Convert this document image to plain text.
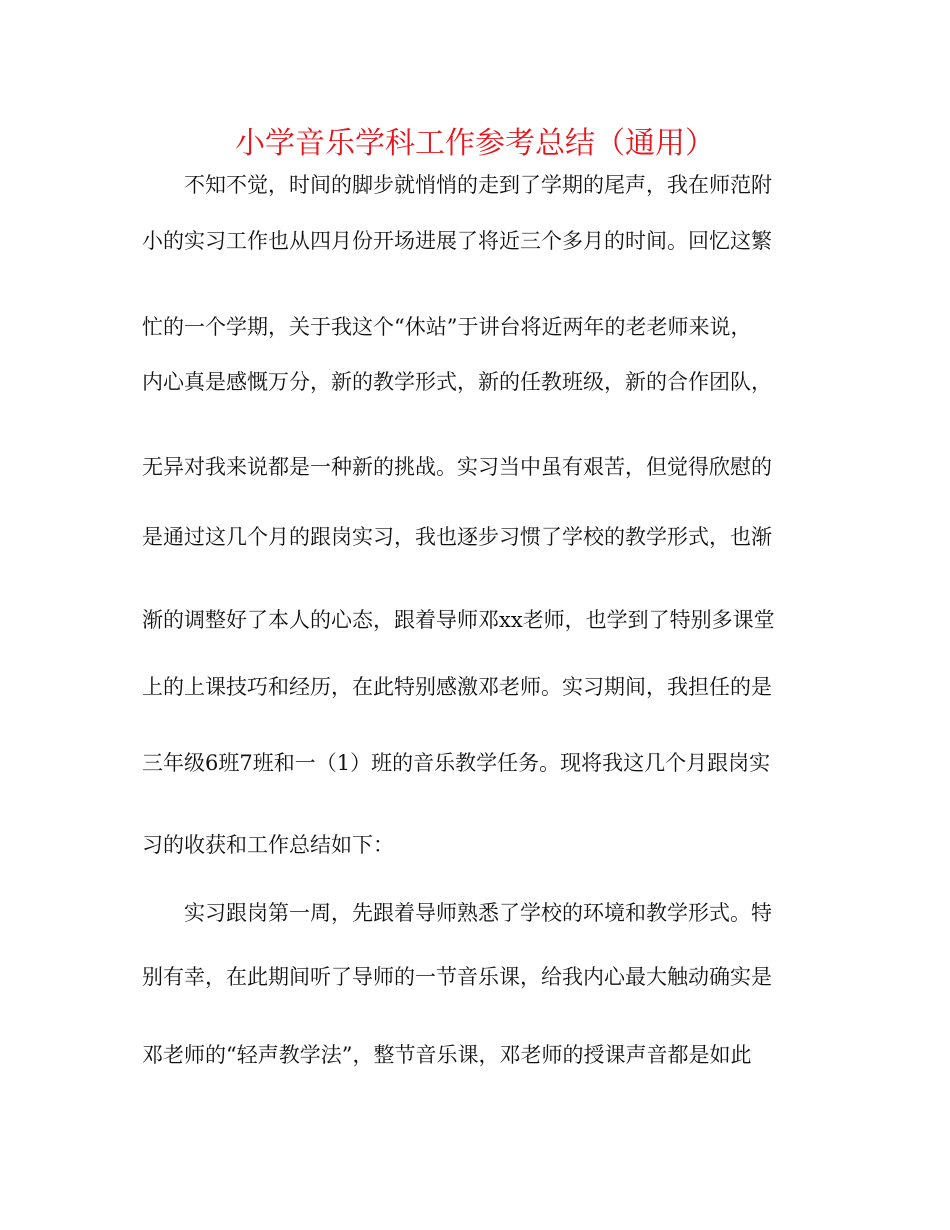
小学音乐学科工作参考总结（通用）
不知不觉，时间的脚步就悄悄的走到了学期的尾声，我在师范附
小的实习工作也从四月份开场进展了将近三个多月的时间。回忆这繁
忙的一个学期，关于我这个“休站”于讲台将近两年的老老师来说，
内心真是感慨万分，新的教学形式，新的任教班级，新的合作团队，
无异对我来说都是一种新的挑战。实习当中虽有艰苦，但觉得欣慰的
是通过这几个月的跟岗实习，我也逐步习惯了学校的教学形式，也渐
渐的调整好了本人的心态，跟着导师邓xx老师，也学到了特别多课堂
上的上课技巧和经历，在此特别感激邓老师。实习期间，我担任的是
三年级6班7班和一（1）班的音乐教学任务。现将我这几个月跟岗实
习的收获和工作总结如下：
实习跟岗第一周，先跟着导师熟悉了学校的环境和教学形式。特
别有幸，在此期间听了导师的一节音乐课，给我内心最大触动确实是
邓老师的“轻声教学法”，整节音乐课，邓老师的授课声音都是如此
